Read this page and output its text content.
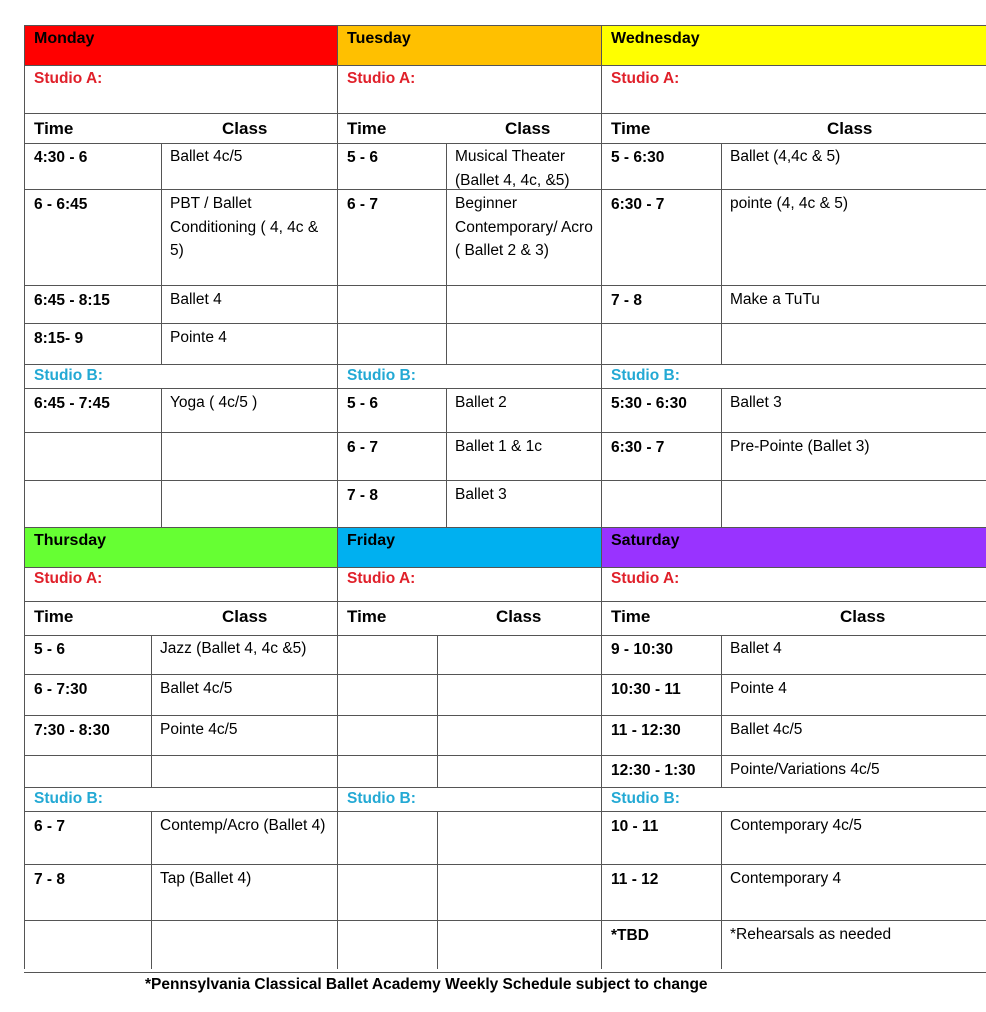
Monday
Studio A:
Time	Class
4:30 - 6	Ballet 4c/5
6 - 6:45	PBT / Ballet Conditioning ( 4, 4c & 5)
6:45 - 8:15	Ballet 4
8:15- 9	Pointe 4
Studio B:
6:45 - 7:45	Yoga ( 4c/5 )
Tuesday
Studio A:
Time	Class
5 - 6	Musical Theater (Ballet 4, 4c, &5)
6 - 7	Beginner Contemporary/ Acro ( Ballet 2 & 3)
Studio B:
5 - 6	Ballet 2
6 - 7	Ballet 1 & 1c
7 - 8	Ballet 3
Wednesday
Studio A:
Time	Class
5 - 6:30	Ballet (4,4c & 5)
6:30 - 7	pointe (4, 4c & 5)
7 - 8	Make a TuTu
Studio B:
5:30 - 6:30	Ballet 3
6:30 - 7	Pre-Pointe (Ballet 3)
Thursday
Studio A:
Time	Class
5 - 6	Jazz (Ballet 4, 4c &5)
6 - 7:30	Ballet 4c/5
7:30 - 8:30	Pointe 4c/5
Studio B:
6 - 7	Contemp/Acro (Ballet 4)
7 - 8	Tap (Ballet 4)
Friday
Studio A:
Time	Class
Studio B:
Saturday
Studio A:
Time	Class
9 - 10:30	Ballet 4
10:30 - 11	Pointe 4
11 - 12:30	Ballet 4c/5
12:30 - 1:30 Pointe/Variations 4c/5
Studio B:
10 - 11	Contemporary 4c/5
11 - 12	Contemporary 4
*TBD	*Rehearsals as needed
*Pennsylvania Classical Ballet Academy Weekly Schedule subject to change
